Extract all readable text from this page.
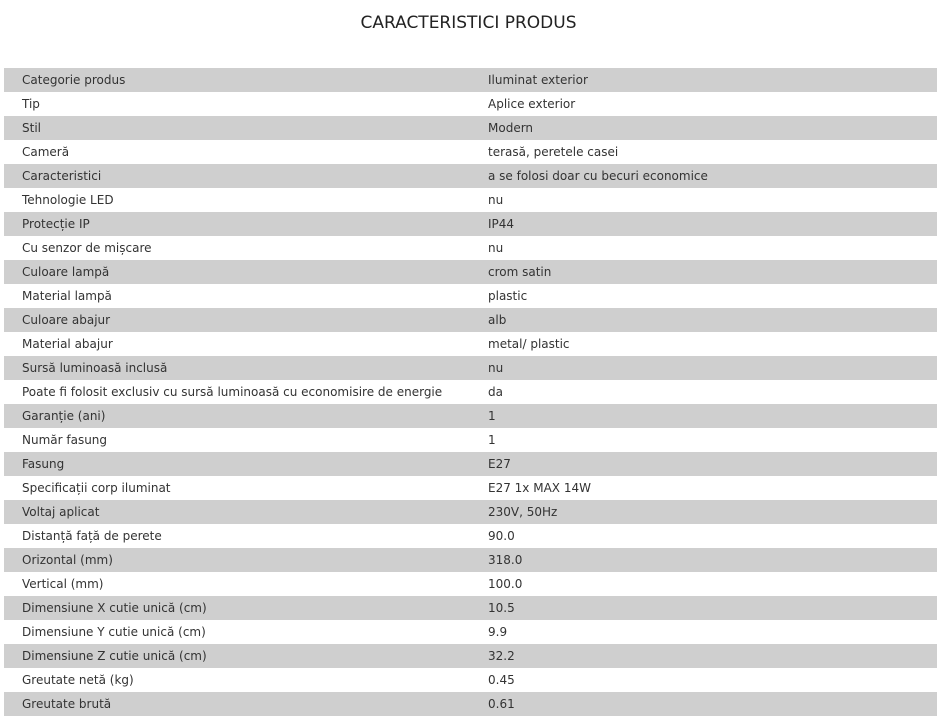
CARACTERISTICI PRODUS
Categorie produs	Iluminat exterior
Tip	Aplice exterior
Stil	Modern
Cameră	terasă, peretele casei
Caracteristici	a se folosi doar cu becuri economice
Tehnologie LED	nu
Protecție IP	IP44
Cu senzor de mișcare	nu
Culoare lampă	crom satin
Material lampă	plastic
Culoare abajur	alb
Material abajur	metal/ plastic
Sursă luminoasă inclusă	nu
Poate fi folosit exclusiv cu sursă luminoasă cu economisire de energie	da
Garanție (ani)	1
Număr fasung	1
Fasung	E27
Specificații corp iluminat	E27 1x MAX 14W
Voltaj aplicat	230V, 50Hz
Distanță față de perete	90.0
Orizontal (mm)	318.0
Vertical (mm)	100.0
Dimensiune X cutie unică (cm)	10.5
Dimensiune Y cutie unică (cm)	9.9
Dimensiune Z cutie unică (cm)	32.2
Greutate netă (kg)	0.45
Greutate brută	0.61
